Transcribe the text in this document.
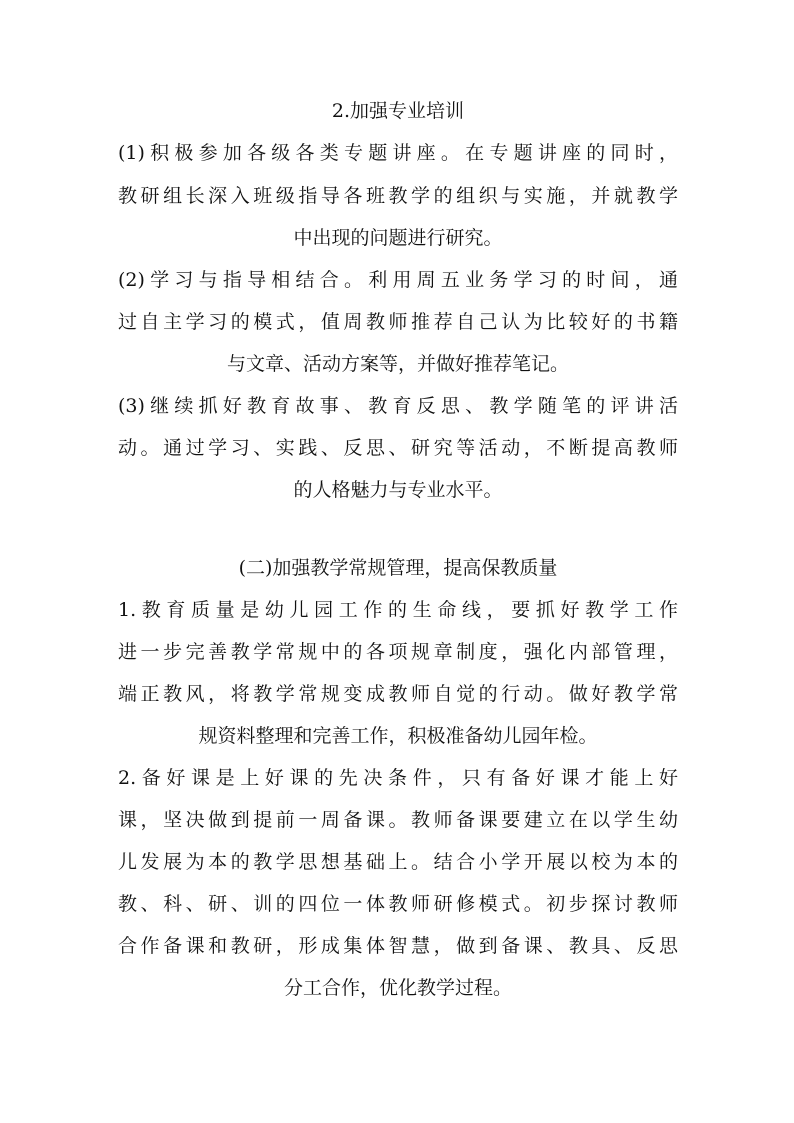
2.加强专业培训
(1)积极参加各级各类专题讲座。在专题讲座的同时，
教研组长深入班级指导各班教学的组织与实施，并就教学
中出现的问题进行研究。
(2)学习与指导相结合。利用周五业务学习的时间，通
过自主学习的模式，值周教师推荐自己认为比较好的书籍
与文章、活动方案等，并做好推荐笔记。
(3)继续抓好教育故事、教育反思、教学随笔的评讲活
动。通过学习、实践、反思、研究等活动，不断提高教师
的人格魅力与专业水平。
(二)加强教学常规管理，提高保教质量
1.教育质量是幼儿园工作的生命线，要抓好教学工作
进一步完善教学常规中的各项规章制度，强化内部管理，
端正教风，将教学常规变成教师自觉的行动。做好教学常
规资料整理和完善工作，积极准备幼儿园年检。
2.备好课是上好课的先决条件，只有备好课才能上好
课，坚决做到提前一周备课。教师备课要建立在以学生幼
儿发展为本的教学思想基础上。结合小学开展以校为本的
教、科、研、训的四位一体教师研修模式。初步探讨教师
合作备课和教研，形成集体智慧，做到备课、教具、反思
分工合作，优化教学过程。
